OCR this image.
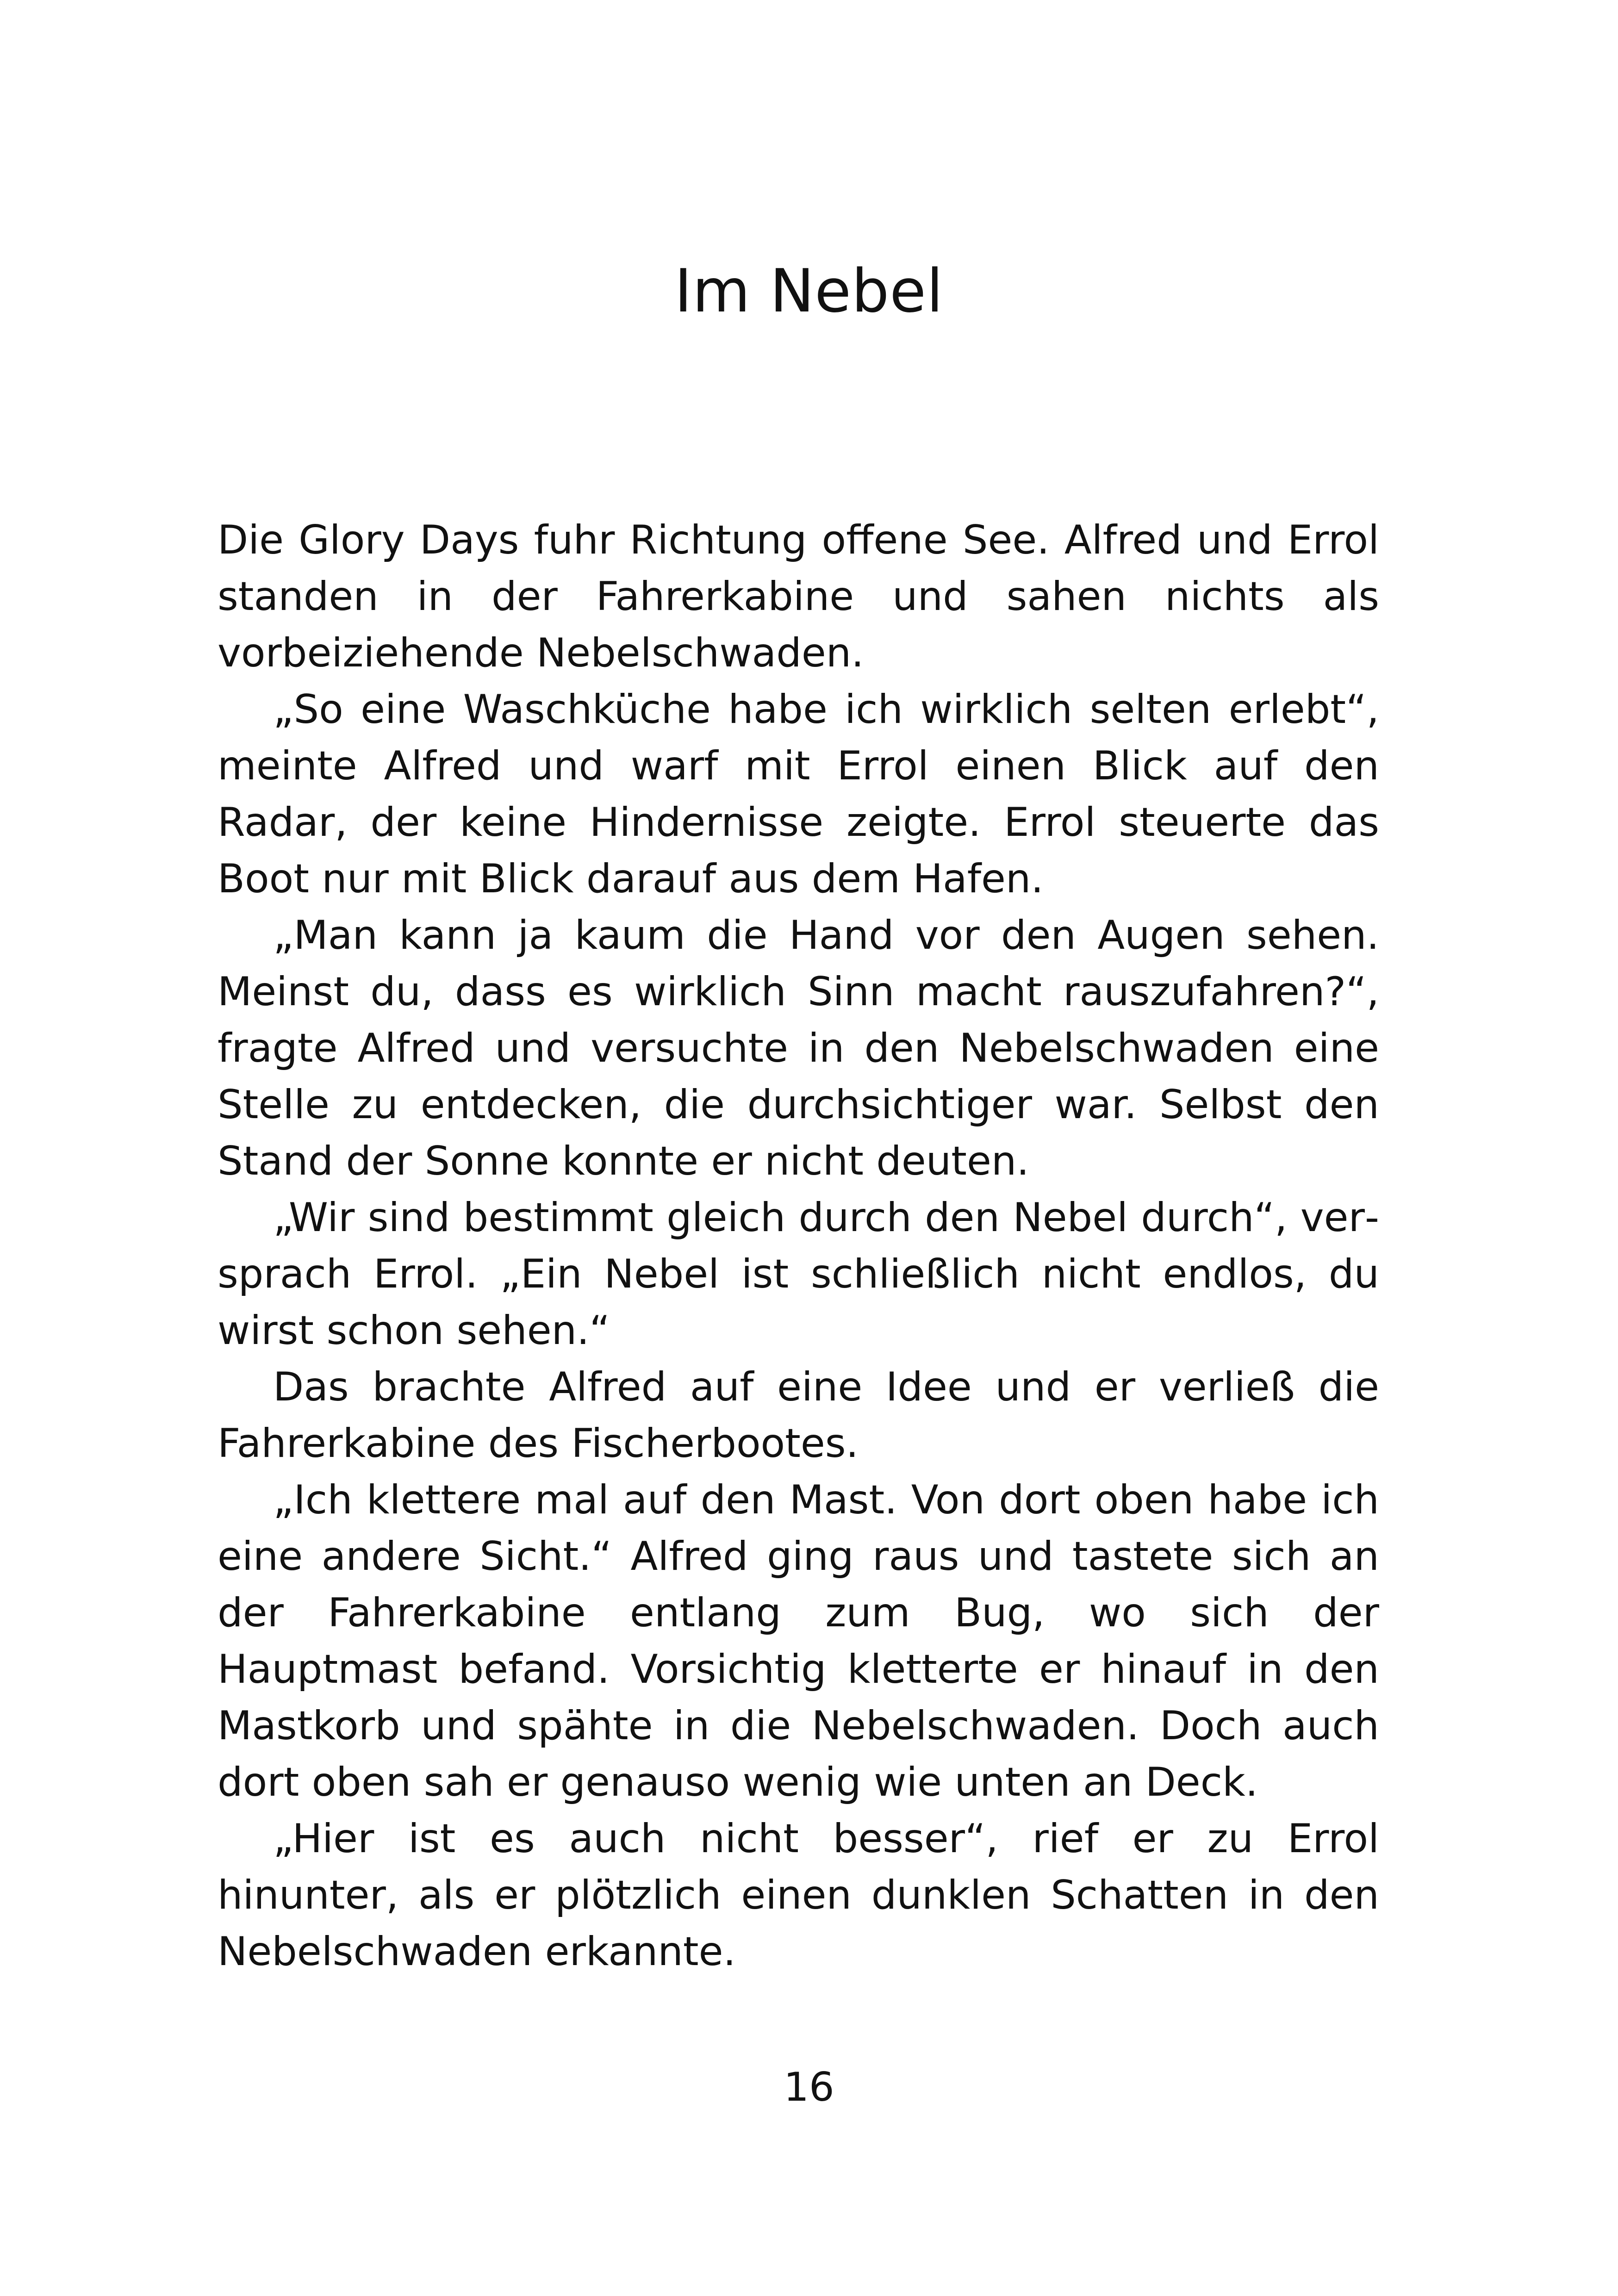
Im Nebel

Die Glory Days fuhr Richtung offene See. Alfred und Errol standen in der Fahrerkabine und sahen nichts als vorbeiziehende Nebelschwaden.

„So eine Waschküche habe ich wirklich selten erlebt“, meinte Alfred und warf mit Errol einen Blick auf den Radar, der keine Hindernisse zeigte. Errol steuerte das Boot nur mit Blick darauf aus dem Hafen.

„Man kann ja kaum die Hand vor den Augen sehen. Meinst du, dass es wirklich Sinn macht rauszufahren?“, fragte Alfred und versuchte in den Nebelschwaden eine Stelle zu entdecken, die durchsichtiger war. Selbst den Stand der Sonne konnte er nicht deuten.

„Wir sind bestimmt gleich durch den Nebel durch“, versprach Errol. „Ein Nebel ist schließlich nicht endlos, du wirst schon sehen.“

Das brachte Alfred auf eine Idee und er verließ die Fahrerkabine des Fischerbootes.

„Ich klettere mal auf den Mast. Von dort oben habe ich eine andere Sicht.“ Alfred ging raus und tastete sich an der Fahrerkabine entlang zum Bug, wo sich der Hauptmast befand. Vorsichtig kletterte er hinauf in den Mastkorb und spähte in die Nebelschwaden. Doch auch dort oben sah er genauso wenig wie unten an Deck.

„Hier ist es auch nicht besser“, rief er zu Errol hinunter, als er plötzlich einen dunklen Schatten in den Nebelschwaden erkannte.

16
